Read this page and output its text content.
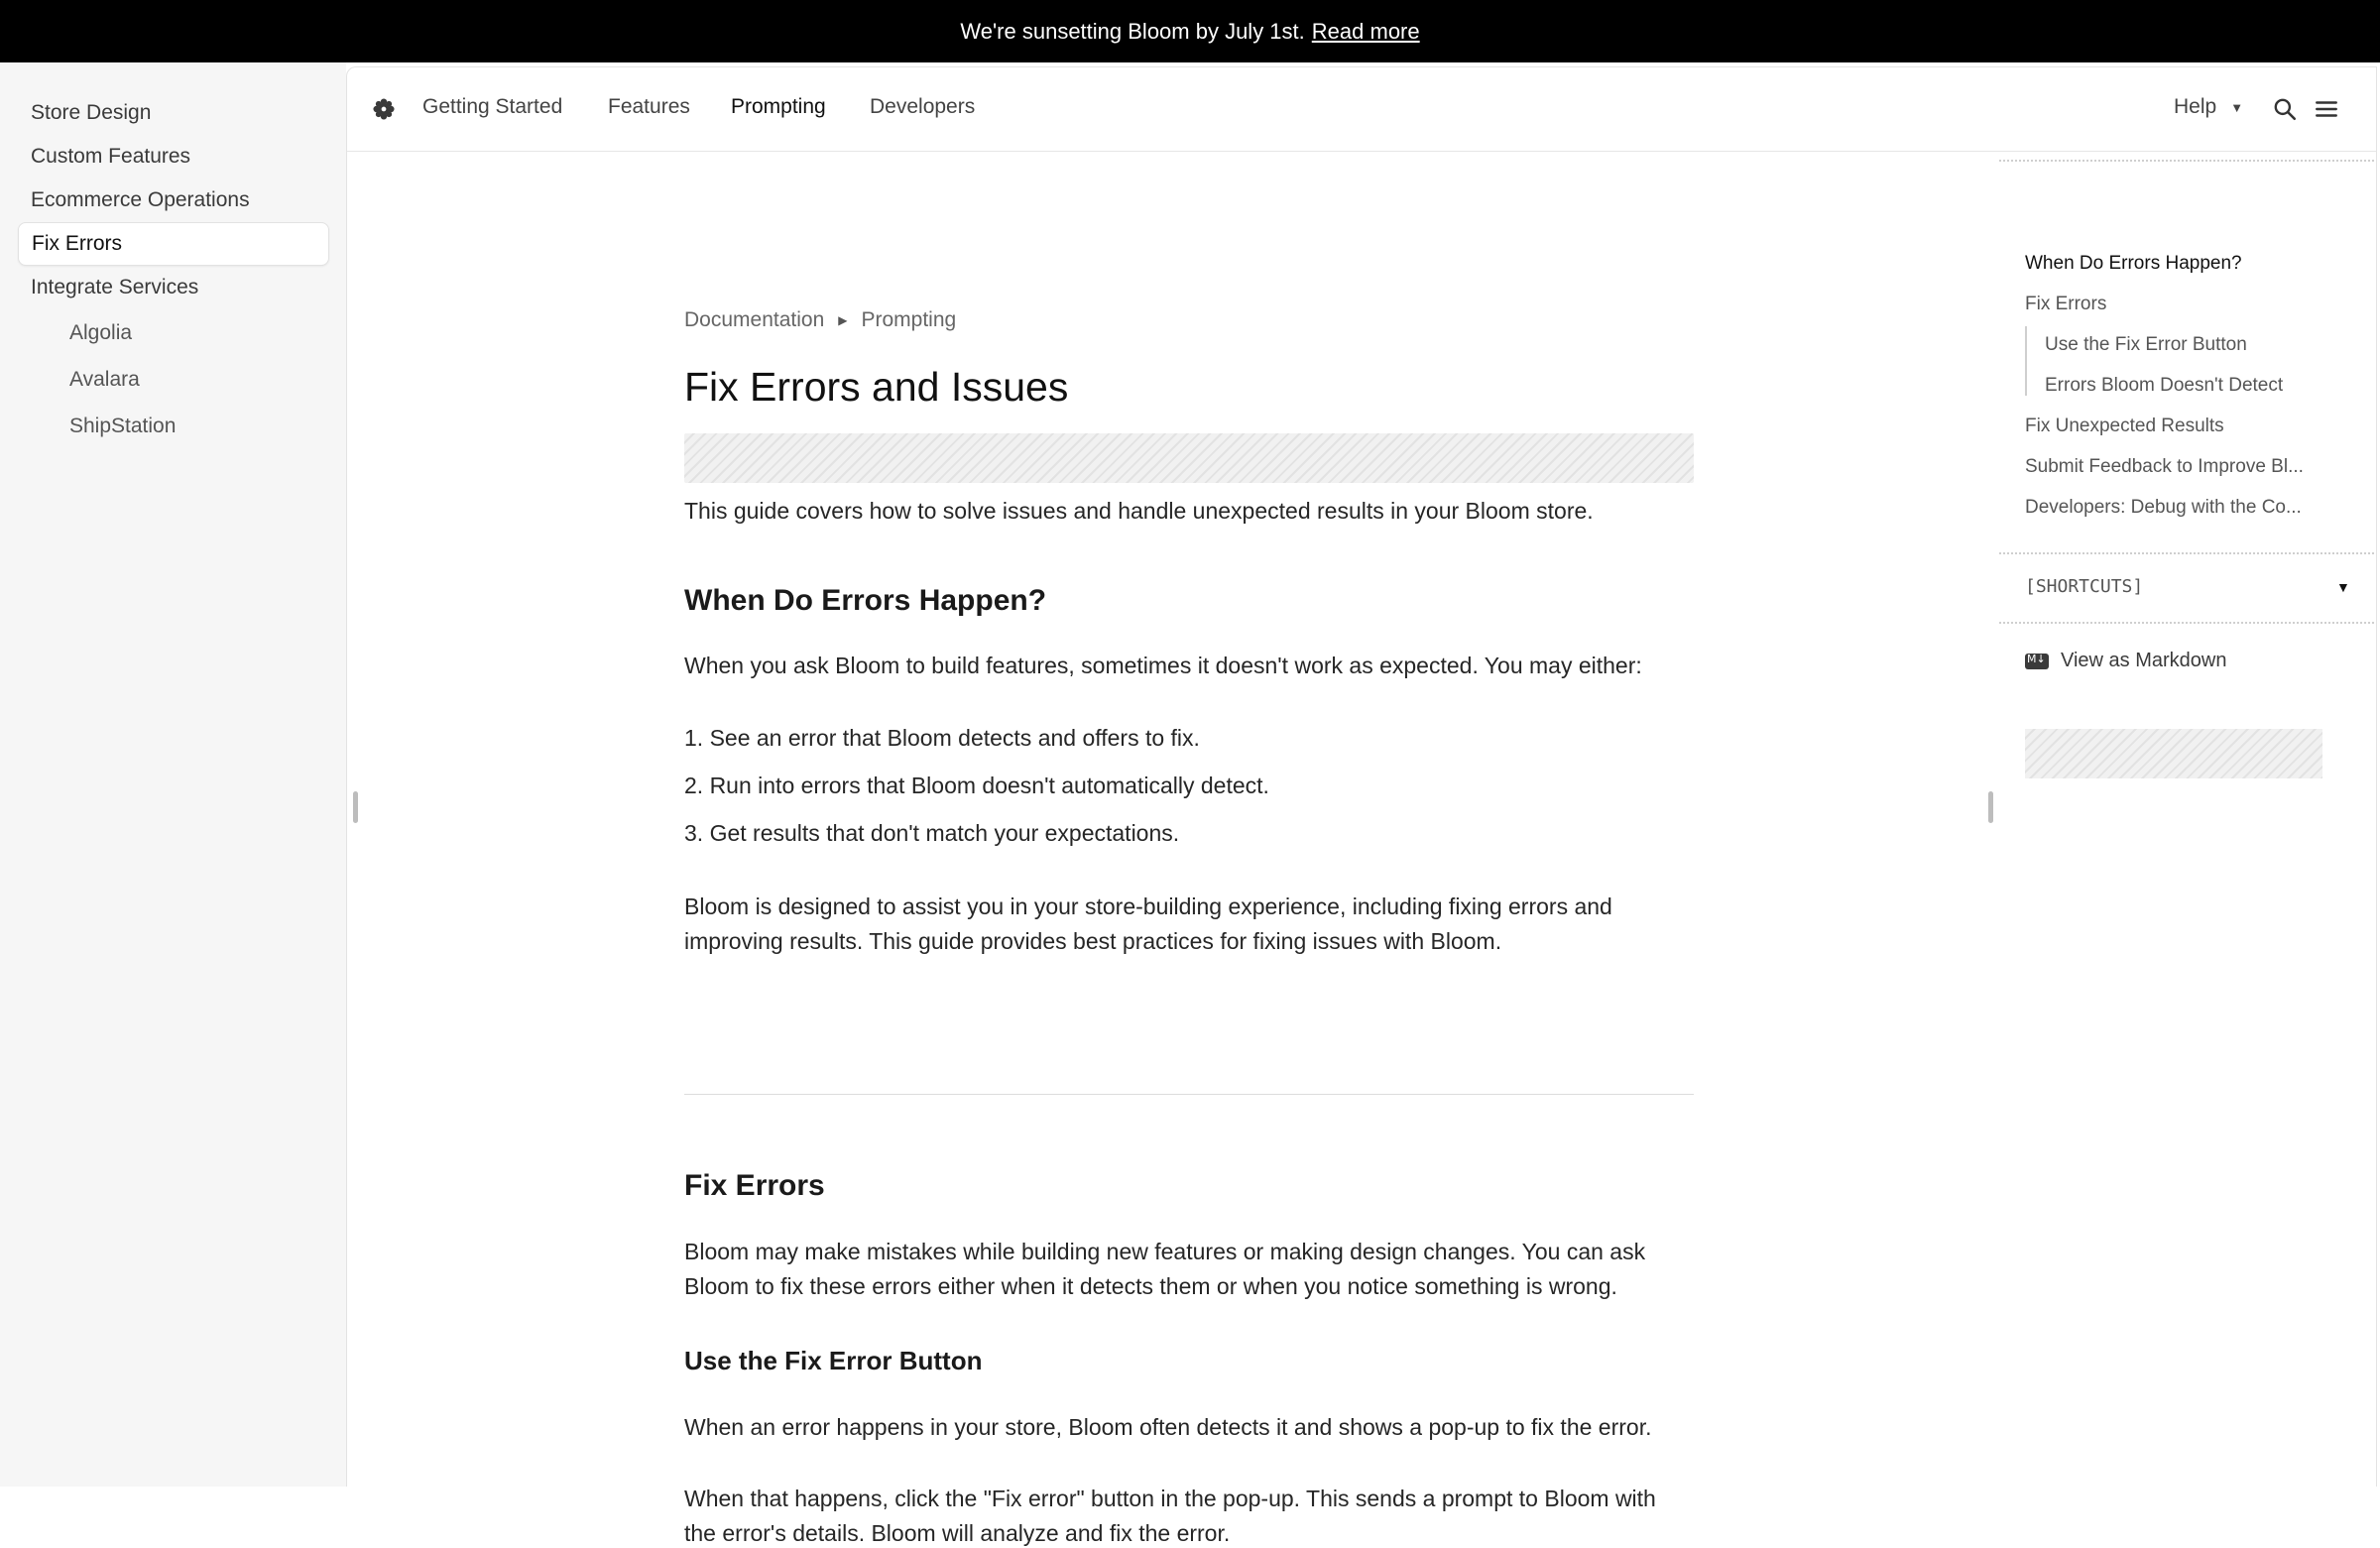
We're sunsetting Bloom by July 1st. Read more
Store Design
Custom Features
Ecommerce Operations
Fix Errors
Integrate Services
Algolia
Avalara
ShipStation
Getting Started Features Prompting Developers	Help ▼
Documentation ▶ Prompting
Fix Errors and Issues

This guide covers how to solve issues and handle unexpected results in your Bloom store.

When Do Errors Happen?

When you ask Bloom to build features, sometimes it doesn't work as expected. You may either:

1. See an error that Bloom detects and offers to fix.

2. Run into errors that Bloom doesn't automatically detect.

3. Get results that don't match your expectations.

Bloom is designed to assist you in your store-building experience, including fixing errors and improving results. This guide provides best practices for fixing issues with Bloom.

Fix Errors

Bloom may make mistakes while building new features or making design changes. You can ask Bloom to fix these errors either when it detects them or when you notice something is wrong.

Use the Fix Error Button

When an error happens in your store, Bloom often detects it and shows a pop-up to fix the error.

When that happens, click the "Fix error" button in the pop-up. This sends a prompt to Bloom with the error's details. Bloom will analyze and fix the error.

When Do Errors Happen?
Fix Errors
Use the Fix Error Button
Errors Bloom Doesn't Detect
Fix Unexpected Results
Submit Feedback to Improve Bl...
Developers: Debug with the Co...
[SHORTCUTS]	▼
M↓
View as Markdown
